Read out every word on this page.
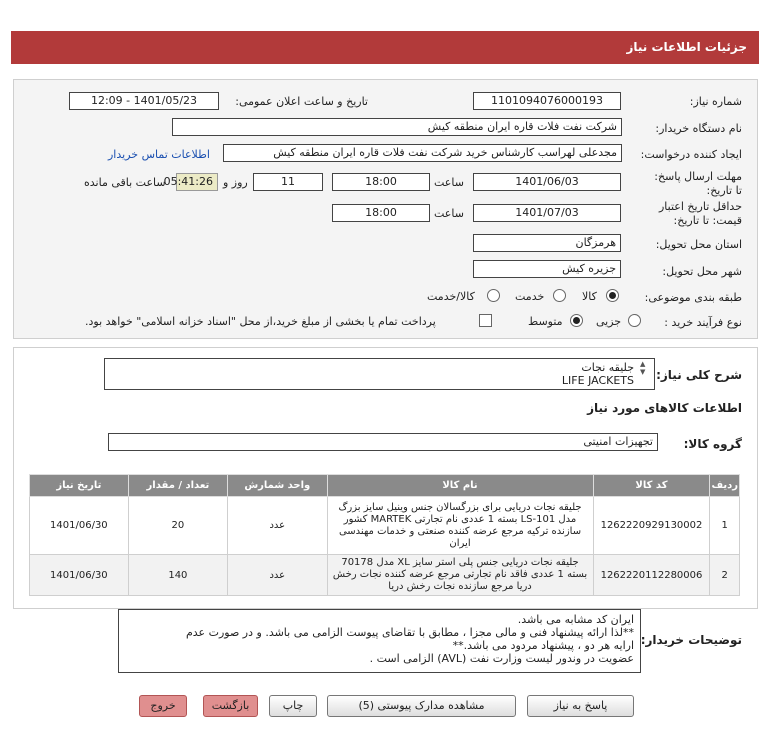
جزئیات اطلاعات نیاز
شماره نیاز:
1101094076000193
تاریخ و ساعت اعلان عمومی:
1401/05/23 - 12:09
نام دستگاه خریدار:
شرکت نفت فلات قاره ایران منطقه کیش
ایجاد کننده درخواست:
مجدعلی لهراسب کارشناس خرید شرکت نفت فلات قاره ایران منطقه کیش
اطلاعات تماس خریدار
مهلت ارسال پاسخ: تا تاریخ:
1401/06/03
ساعت
18:00
11
روز و
05:41:26
ساعت باقی مانده
حداقل تاریخ اعتبار قیمت: تا تاریخ:
1401/07/03
ساعت
18:00
استان محل تحویل:
هرمزگان
شهر محل تحویل:
جزیره کیش
طبقه بندی موضوعی:
کالا
خدمت
کالا/خدمت
نوع فرآیند خرید :
جزیی
متوسط
پرداخت تمام یا بخشی از مبلغ خرید،از محل "اسناد خزانه اسلامی" خواهد بود.
شرح کلی نیاز:
جلیقه نجات
LIFE JACKETS
▲
▼
اطلاعات کالاهای مورد نیاز
گروه کالا:
تجهیزات امنیتی
ردیف	کد کالا	نام کالا	واحد شمارش	تعداد / مقدار	تاریخ نیاز
1	1262220929130002	جلیقه نجات دریایی برای بزرگسالان جنس وینیل سایز بزرگ مدل LS-101 بسته 1 عددی نام تجارتی MARTEK کشور سازنده ترکیه مرجع عرضه کننده صنعتی و خدمات مهندسی ایران	عدد	20	1401/06/30
2	1262220112280006	جلیقه نجات دریایی جنس پلی استر سایز XL مدل 70178 بسته 1 عددی فاقد نام تجارتی مرجع عرضه کننده نجات رخش دریا مرجع سازنده نجات رخش دریا	عدد	140	1401/06/30
توضیحات خریدار:
ایران کد مشابه می باشد.
**لذا ارائه پیشنهاد فنی و مالی مجزا ، مطابق با تقاضای پیوست الزامی می باشد. و در صورت عدم
ارایه هر دو ، پیشنهاد مردود می باشد.**
عضویت در وندور لیست وزارت نفت (AVL) الزامی است .
پاسخ به نیاز
مشاهده مدارک پیوستی (5)
چاپ
بازگشت
خروج
